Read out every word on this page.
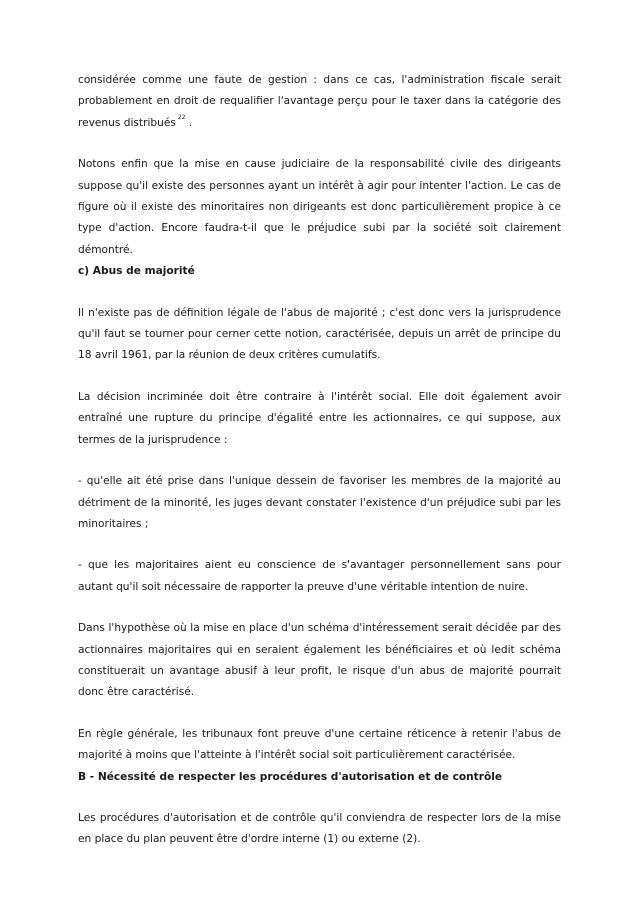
considérée comme une faute de gestion : dans ce cas, l'administration fiscale serait probablement en droit de requalifier l'avantage perçu pour le taxer dans la catégorie des revenus distribués $^{22}$ .

Notons enfin que la mise en cause judiciaire de la responsabilité civile des dirigeants suppose qu'il existe des personnes ayant un intérêt à agir pour intenter l'action. Le cas de figure où il existe des minoritaires non dirigeants est donc particulièrement propice à ce type d'action. Encore faudra-t-il que le préjudice subi par la société soit clairement démontré.

c) Abus de majorité

Il n'existe pas de définition légale de l'abus de majorité ; c'est donc vers la jurisprudence qu'il faut se tourner pour cerner cette notion, caractérisée, depuis un arrêt de principe du 18 avril 1961, par la réunion de deux critères cumulatifs.

La décision incriminée doit être contraire à l'intérêt social. Elle doit également avoir entraîné une rupture du principe d'égalité entre les actionnaires, ce qui suppose, aux termes de la jurisprudence :

- qu'elle ait été prise dans l'unique dessein de favoriser les membres de la majorité au détriment de la minorité, les juges devant constater l'existence d'un préjudice subi par les minoritaires ;

- que les majoritaires aient eu conscience de s'avantager personnellement sans pour autant qu'il soit nécessaire de rapporter la preuve d'une véritable intention de nuire.

Dans l'hypothèse où la mise en place d'un schéma d'intéressement serait décidée par des actionnaires majoritaires qui en seraient également les bénéficiaires et où ledit schéma constituerait un avantage abusif à leur profit, le risque d'un abus de majorité pourrait donc être caractérisé.

En règle générale, les tribunaux font preuve d'une certaine réticence à retenir l'abus de majorité à moins que l'atteinte à l'intérêt social soit particulièrement caractérisée.

B - Nécessité de respecter les procédures d'autorisation et de contrôle

Les procédures d'autorisation et de contrôle qu'il conviendra de respecter lors de la mise en place du plan peuvent être d'ordre interne (1) ou externe (2).
